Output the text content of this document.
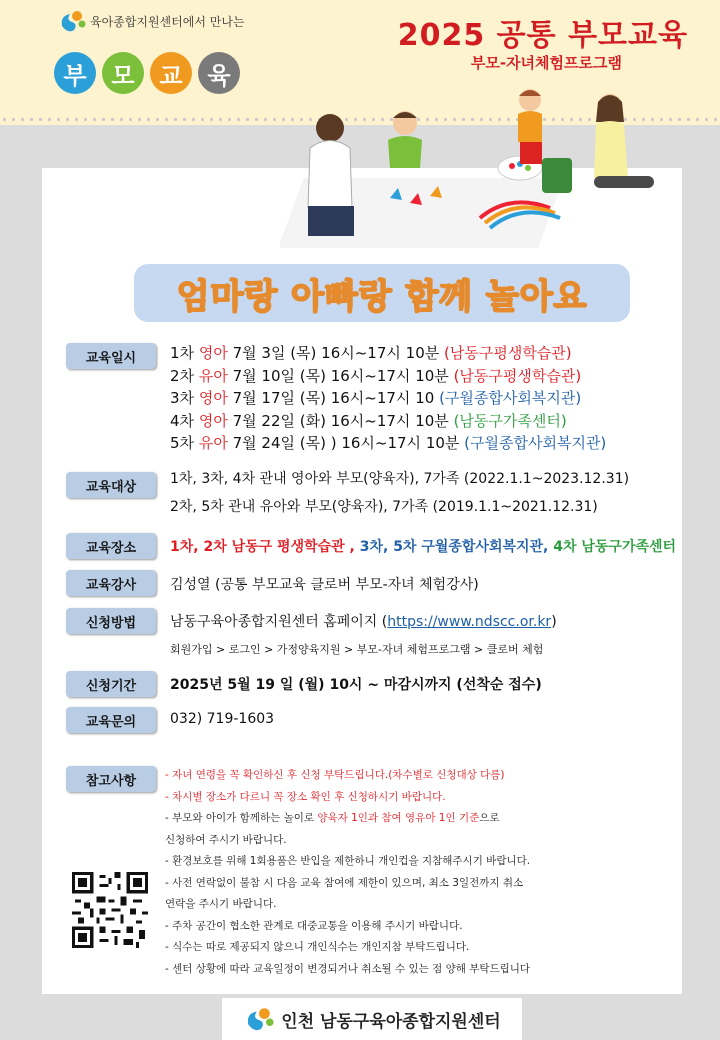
육아종합지원센터에서 만나는
부	모	교	육
2025 공통 부모교육
부모-자녀체험프로그램
엄마랑 아빠랑 함께 놀아요
교육일시	1차 영아 7월 3일 (목) 16시~17시 10분 (남동구평생학습관)
2차 유아 7월 10일 (목) 16시~17시 10분 (남동구평생학습관)
3차 영아 7월 17일 (목) 16시~17시 10 (구월종합사회복지관)
4차 영아 7월 22일 (화) 16시~17시 10분 (남동구가족센터)
5차 유아 7월 24일 (목) ) 16시~17시 10분 (구월종합사회복지관)
교육대상	1차, 3차, 4차 관내 영아와 부모(양육자), 7가족 (2022.1.1~2023.12.31)
2차, 5차 관내 유아와 부모(양육자), 7가족 (2019.1.1~2021.12.31)
교육장소	1차, 2차 남동구 평생학습관 , 3차, 5차 구월종합사회복지관, 4차 남동구가족센터
교육강사	김성열 (공통 부모교육 클로버 부모-자녀 체험강사)
신청방법	남동구육아종합지원센터 홈페이지 (https://www.ndscc.or.kr)
회원가입 > 로그인 > 가정양육지원 > 부모-자녀 체험프로그램 > 클로버 체험
신청기간	2025년 5월 19 일 (월) 10시 ~ 마감시까지 (선착순 접수)
교육문의	032) 719-1603
참고사항	- 자녀 연령을 꼭 확인하신 후 신청 부탁드립니다.(차수별로 신청대상 다름)
- 차시별 장소가 다르니 꼭 장소 확인 후 신청하시기 바랍니다.
- 부모와 아이가 함께하는 놀이로 양육자 1인과 참여 영유아 1인 기준으로
신청하여 주시기 바랍니다.
- 환경보호를 위해 1회용품은 반입을 제한하니 개인컵을 지참해주시기 바랍니다.
- 사전 연락없이 불참 시 다음 교육 참여에 제한이 있으며, 최소 3일전까지 취소
연락을 주시기 바랍니다.
- 주차 공간이 협소한 관계로 대중교통을 이용해 주시기 바랍니다.
- 식수는 따로 제공되지 않으니 개인식수는 개인지참 부탁드립니다.
- 센터 상황에 따라 교육일정이 변경되거나 취소될 수 있는 점 양해 부탁드립니다
인천 남동구육아종합지원센터
